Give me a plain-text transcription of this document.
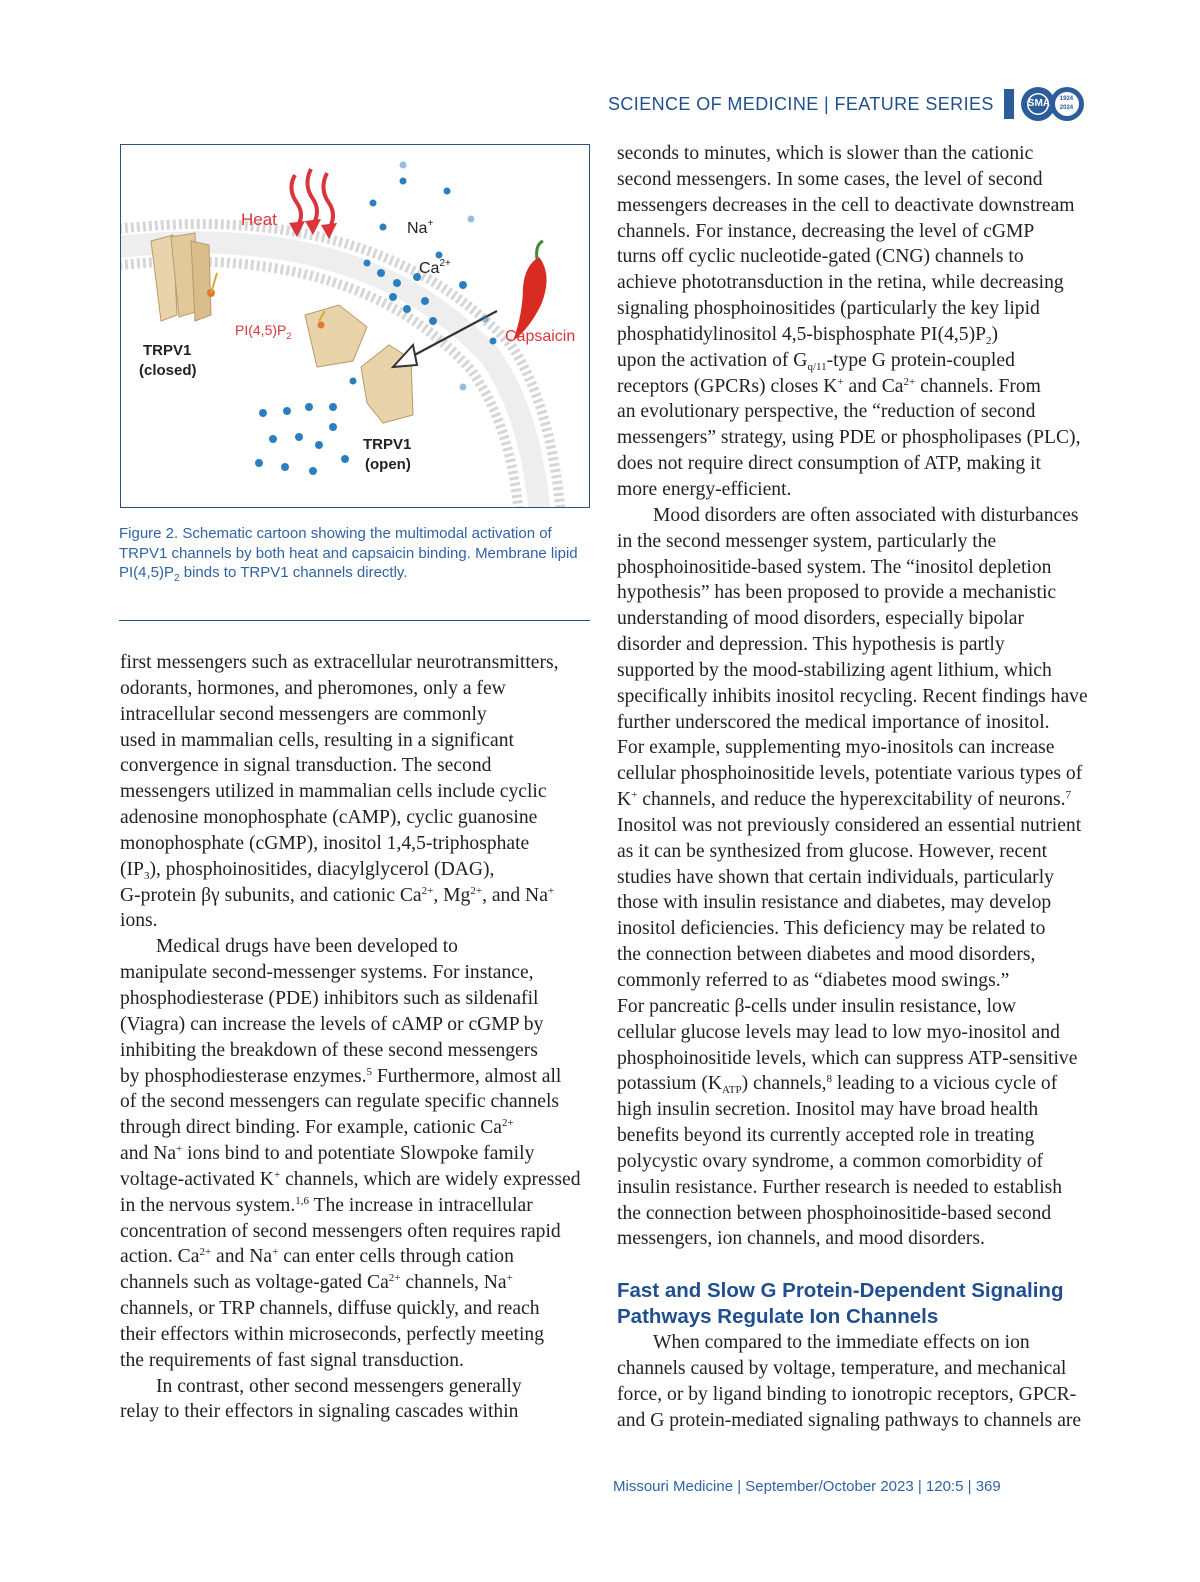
SCIENCE OF MEDICINE | FEATURE SERIES	SMA 1924
2024
Heat	Na+
$Ca^{2+}$
$PI(4,5)P_2$	Capsaicin
TRPV1
(closed)
TRPV1
(open)
Figure 2. Schematic cartoon showing the multimodal activation of TRPV1 channels by both heat and capsaicin binding. Membrane lipid $PI(4,5)P_2$ binds to TRPV1 channels directly.

first messengers such as extracellular neurotransmitters,
odorants, hormones, and pheromones, only a few
intracellular second messengers are commonly
used in mammalian cells, resulting in a significant
convergence in signal transduction. The second
messengers utilized in mammalian cells include cyclic
adenosine monophosphate (cAMP), cyclic guanosine
monophosphate (cGMP), inositol 1,4,5-triphosphate
$(IP_3)$, phosphoinositides, diacylglycerol (DAG),
G-protein βγ subunits, and cationic $Ca^{2+}$, $Mg^{2+}$, and Na+
ions.

Medical drugs have been developed to
manipulate second-messenger systems. For instance,
phosphodiesterase (PDE) inhibitors such as sildenafil
(Viagra) can increase the levels of cAMP or cGMP by
inhibiting the breakdown of these second messengers
by phosphodiesterase enzymes.$^5$ Furthermore, almost all
of the second messengers can regulate specific channels
through direct binding. For example, cationic $Ca^{2+}$
and Na+ ions bind to and potentiate Slowpoke family
voltage-activated K+ channels, which are widely expressed
in the nervous system.$^{1,6}$ The increase in intracellular
concentration of second messengers often requires rapid
action. $Ca^{2+}$ and Na+ can enter cells through cation
channels such as voltage-gated $Ca^{2+}$ channels, Na+
channels, or TRP channels, diffuse quickly, and reach
their effectors within microseconds, perfectly meeting
the requirements of fast signal transduction.

In contrast, other second messengers generally
relay to their effectors in signaling cascades within

seconds to minutes, which is slower than the cationic
second messengers. In some cases, the level of second
messengers decreases in the cell to deactivate downstream
channels. For instance, decreasing the level of cGMP
turns off cyclic nucleotide-gated (CNG) channels to
achieve phototransduction in the retina, while decreasing
signaling phosphoinositides (particularly the key lipid
phosphatidylinositol 4,5-bisphosphate $PI(4,5)P_2$)
upon the activation of $G_{q/11}$-type G protein-coupled
receptors (GPCRs) closes K+ and $Ca^{2+}$ channels. From
an evolutionary perspective, the “reduction of second
messengers” strategy, using PDE or phospholipases (PLC),
does not require direct consumption of ATP, making it
more energy-efficient.

Mood disorders are often associated with disturbances
in the second messenger system, particularly the
phosphoinositide-based system. The “inositol depletion
hypothesis” has been proposed to provide a mechanistic
understanding of mood disorders, especially bipolar
disorder and depression. This hypothesis is partly
supported by the mood-stabilizing agent lithium, which
specifically inhibits inositol recycling. Recent findings have
further underscored the medical importance of inositol.
For example, supplementing myo-inositols can increase
cellular phosphoinositide levels, potentiate various types of
K+ channels, and reduce the hyperexcitability of neurons.$^7$
Inositol was not previously considered an essential nutrient
as it can be synthesized from glucose. However, recent
studies have shown that certain individuals, particularly
those with insulin resistance and diabetes, may develop
inositol deficiencies. This deficiency may be related to
the connection between diabetes and mood disorders,
commonly referred to as “diabetes mood swings.”
For pancreatic β-cells under insulin resistance, low
cellular glucose levels may lead to low myo-inositol and
phosphoinositide levels, which can suppress ATP-sensitive
potassium $(K_{ATP})$ channels,$^8$ leading to a vicious cycle of
high insulin secretion. Inositol may have broad health
benefits beyond its currently accepted role in treating
polycystic ovary syndrome, a common comorbidity of
insulin resistance. Further research is needed to establish
the connection between phosphoinositide-based second
messengers, ion channels, and mood disorders.

Fast and Slow G Protein-Dependent Signaling
Pathways Regulate Ion Channels

When compared to the immediate effects on ion
channels caused by voltage, temperature, and mechanical
force, or by ligand binding to ionotropic receptors, GPCR-
and G protein-mediated signaling pathways to channels are

Missouri Medicine | September/October 2023 | 120:5 | 369
